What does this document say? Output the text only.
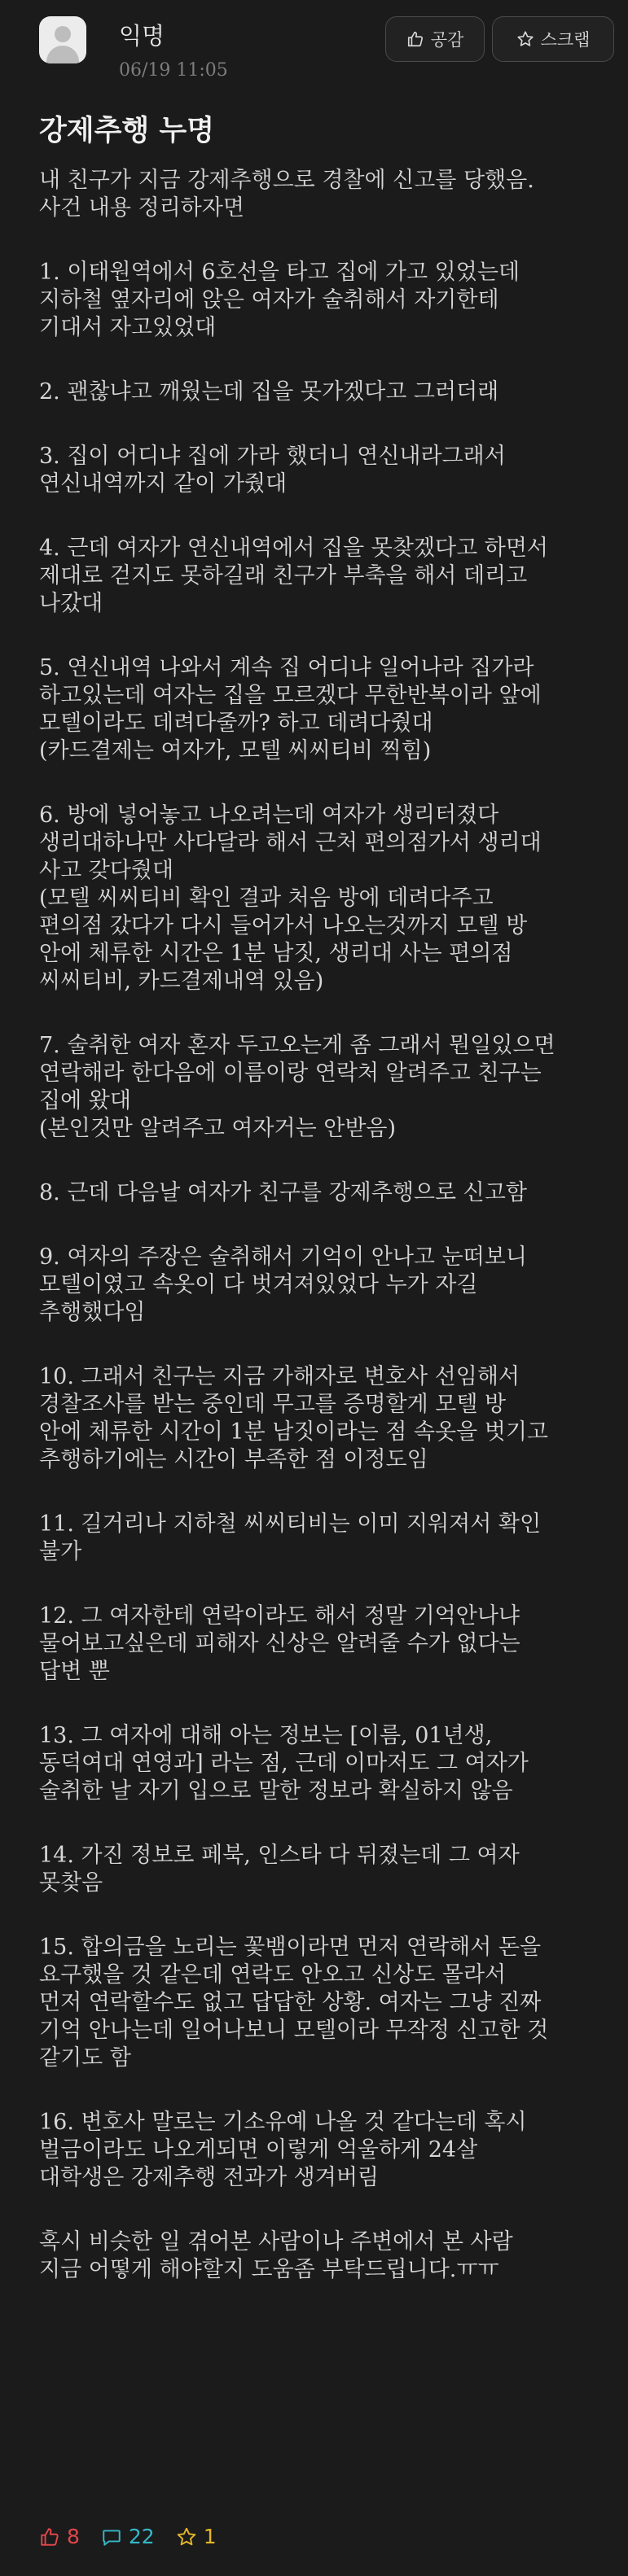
익명
06/19 11:05
공감	스크랩
강제추행 누명

내 친구가 지금 강제추행으로 경찰에 신고를 당했음.
사건 내용 정리하자면

1. 이태원역에서 6호선을 타고 집에 가고 있었는데
지하철 옆자리에 앉은 여자가 술취해서 자기한테
기대서 자고있었대

2. 괜찮냐고 깨웠는데 집을 못가겠다고 그러더래

3. 집이 어디냐 집에 가라 했더니 연신내라그래서
연신내역까지 같이 가줬대

4. 근데 여자가 연신내역에서 집을 못찾겠다고 하면서
제대로 걷지도 못하길래 친구가 부축을 해서 데리고
나갔대

5. 연신내역 나와서 계속 집 어디냐 일어나라 집가라
하고있는데 여자는 집을 모르겠다 무한반복이라 앞에
모텔이라도 데려다줄까? 하고 데려다줬대
(카드결제는 여자가, 모텔 씨씨티비 찍힘)

6. 방에 넣어놓고 나오려는데 여자가 생리터졌다
생리대하나만 사다달라 해서 근처 편의점가서 생리대
사고 갖다줬대
(모텔 씨씨티비 확인 결과 처음 방에 데려다주고
편의점 갔다가 다시 들어가서 나오는것까지 모텔 방
안에 체류한 시간은 1분 남짓, 생리대 사는 편의점
씨씨티비, 카드결제내역 있음)

7. 술취한 여자 혼자 두고오는게 좀 그래서 뭔일있으면
연락해라 한다음에 이름이랑 연락처 알려주고 친구는
집에 왔대
(본인것만 알려주고 여자거는 안받음)

8. 근데 다음날 여자가 친구를 강제추행으로 신고함

9. 여자의 주장은 술취해서 기억이 안나고 눈떠보니
모텔이였고 속옷이 다 벗겨져있었다 누가 자길
추행했다임

10. 그래서 친구는 지금 가해자로 변호사 선임해서
경찰조사를 받는 중인데 무고를 증명할게 모텔 방
안에 체류한 시간이 1분 남짓이라는 점 속옷을 벗기고
추행하기에는 시간이 부족한 점 이정도임

11. 길거리나 지하철 씨씨티비는 이미 지워져서 확인
불가

12. 그 여자한테 연락이라도 해서 정말 기억안나냐
물어보고싶은데 피해자 신상은 알려줄 수가 없다는
답변 뿐

13. 그 여자에 대해 아는 정보는 [이름, 01년생,
동덕여대 연영과] 라는 점, 근데 이마저도 그 여자가
술취한 날 자기 입으로 말한 정보라 확실하지 않음

14. 가진 정보로 페북, 인스타 다 뒤졌는데 그 여자
못찾음

15. 합의금을 노리는 꽃뱀이라면 먼저 연락해서 돈을
요구했을 것 같은데 연락도 안오고 신상도 몰라서
먼저 연락할수도 없고 답답한 상황. 여자는 그냥 진짜
기억 안나는데 일어나보니 모텔이라 무작정 신고한 것
같기도 함

16. 변호사 말로는 기소유예 나올 것 같다는데 혹시
벌금이라도 나오게되면 이렇게 억울하게 24살
대학생은 강제추행 전과가 생겨버림

혹시 비슷한 일 겪어본 사람이나 주변에서 본 사람
지금 어떻게 해야할지 도움좀 부탁드립니다.ㅠㅠ

8 22 1
